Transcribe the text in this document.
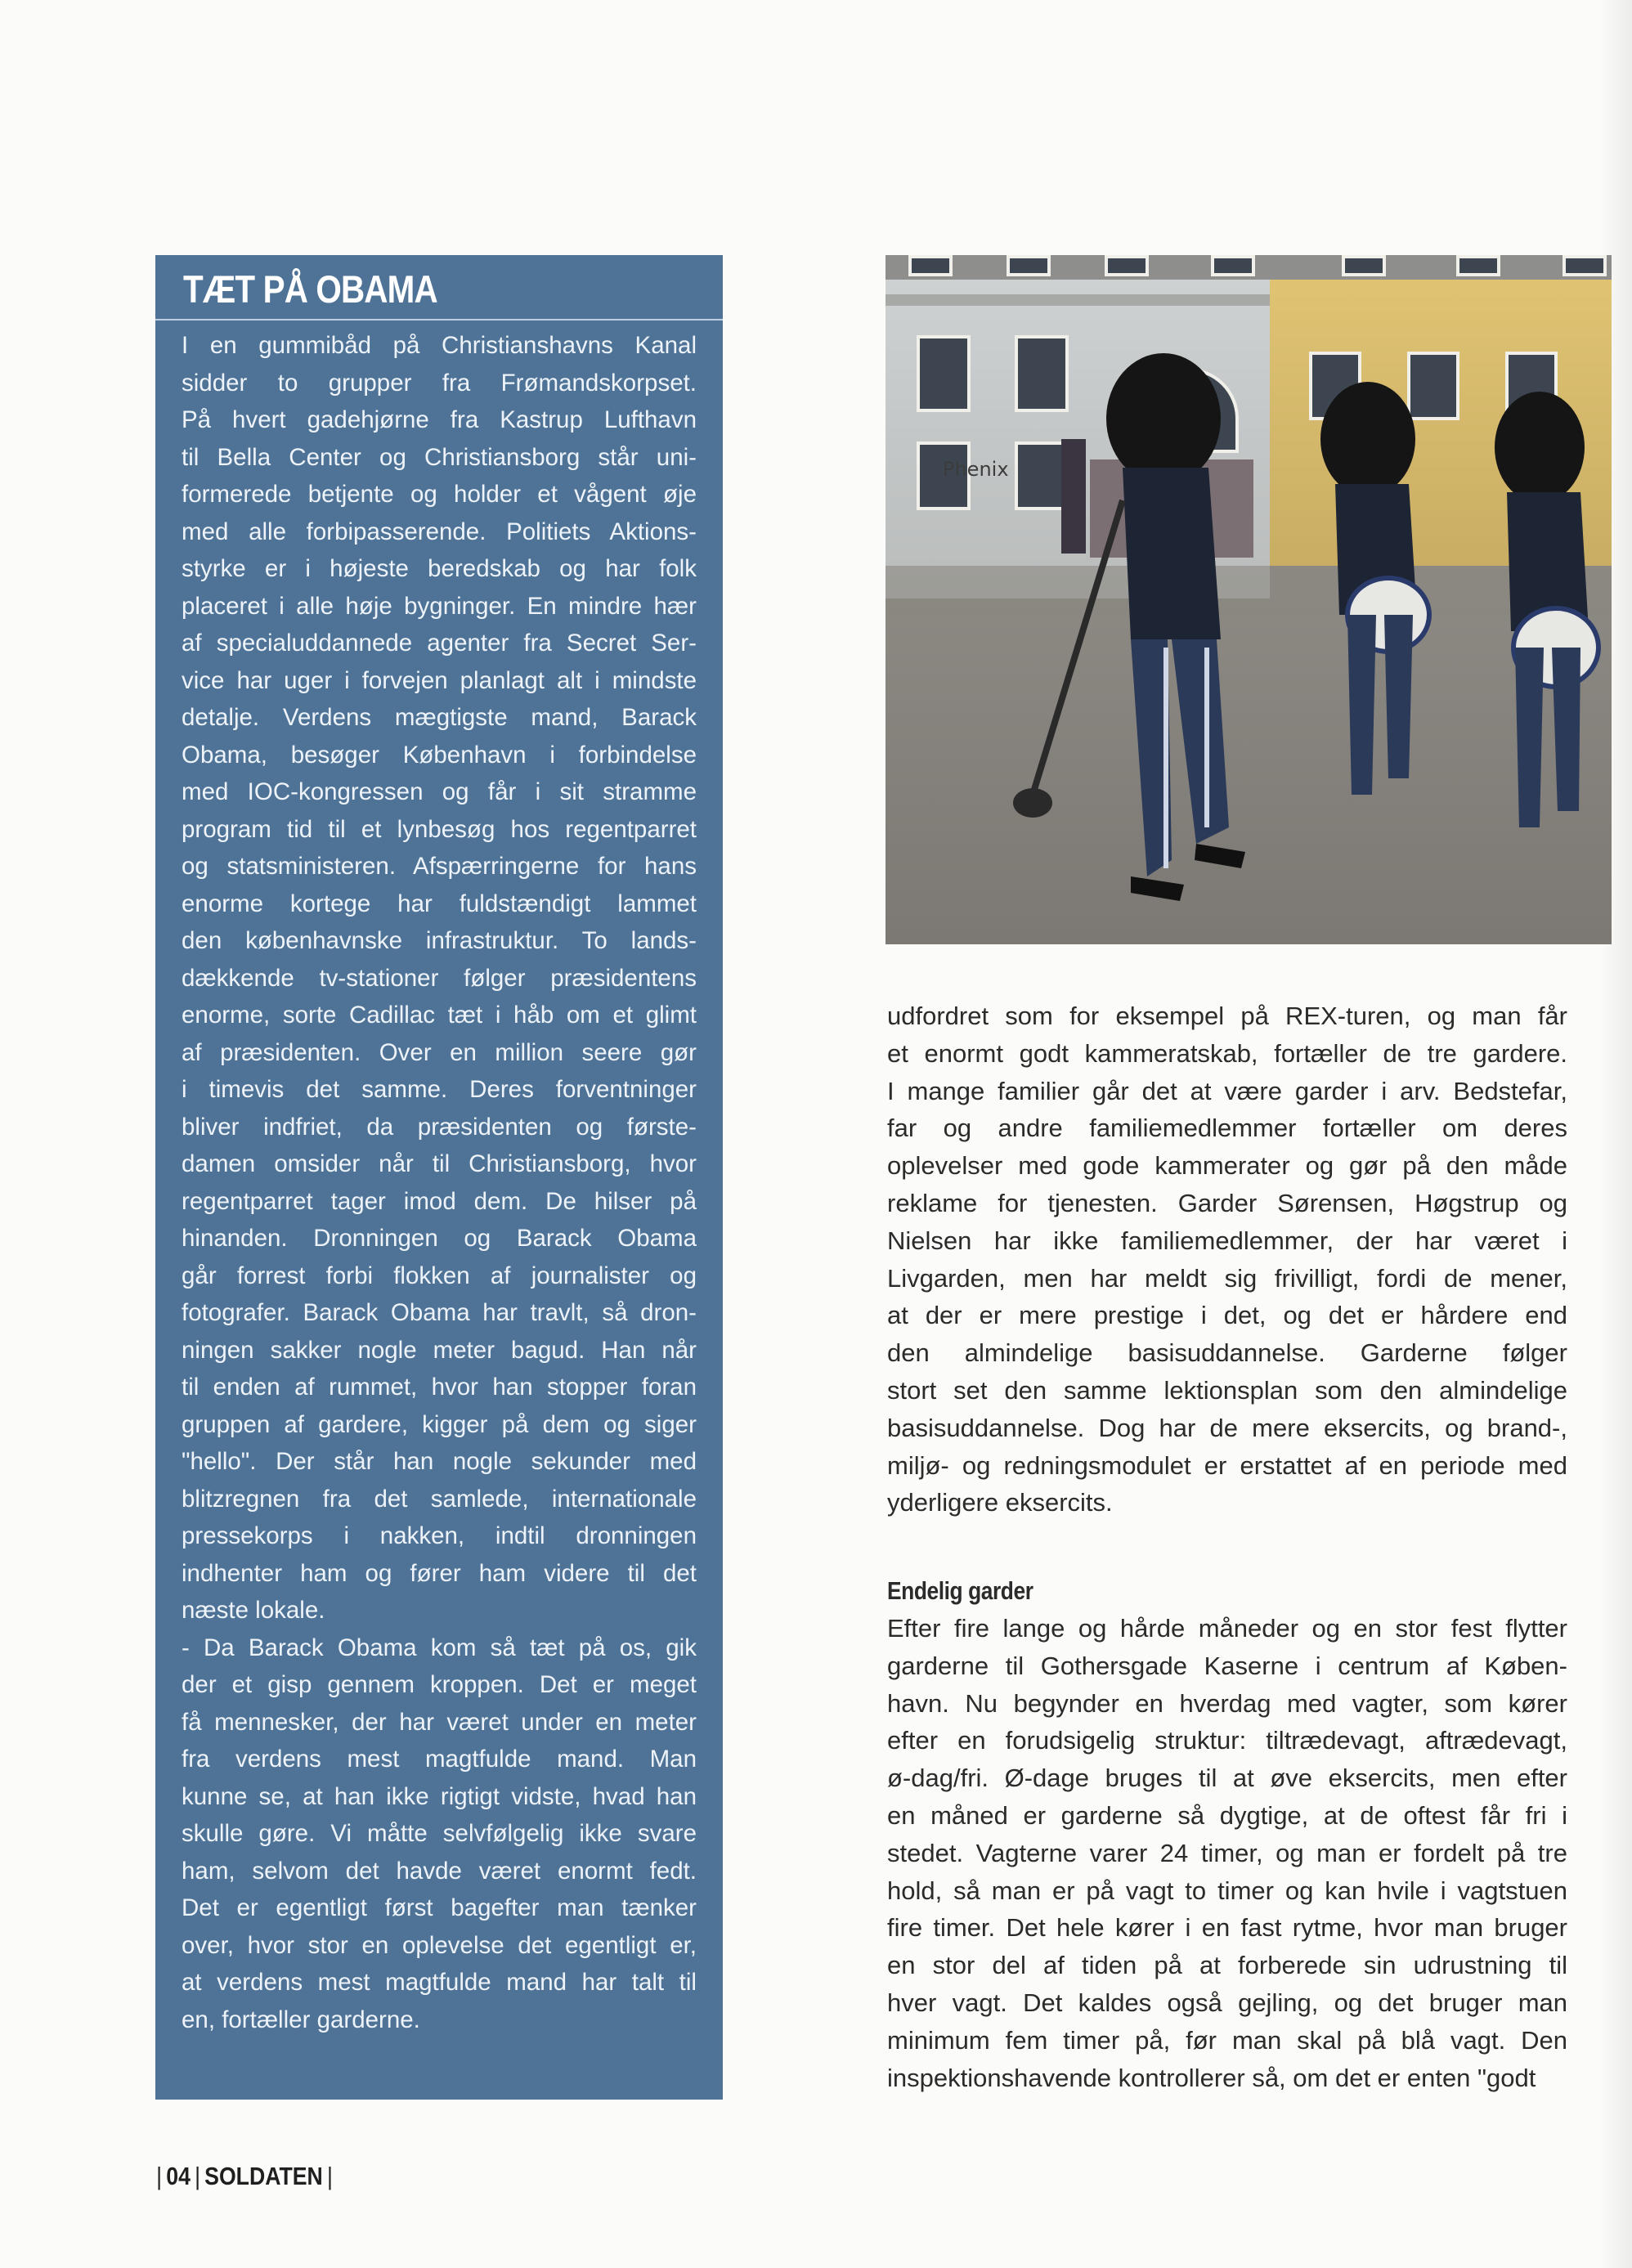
TÆT PÅ OBAMA
I en gummibåd på Christianshavns Kanal
sidder to grupper fra Frømandskorpset.
På hvert gadehjørne fra Kastrup Lufthavn
til Bella Center og Christiansborg står uni-
formerede betjente og holder et vågent øje
med alle forbipasserende. Politiets Aktions-
styrke er i højeste beredskab og har folk
placeret i alle høje bygninger. En mindre hær
af specialuddannede agenter fra Secret Ser-
vice har uger i forvejen planlagt alt i mindste
detalje. Verdens mægtigste mand, Barack
Obama, besøger København i forbindelse
med IOC-kongressen og får i sit stramme
program tid til et lynbesøg hos regentparret
og statsministeren. Afspærringerne for hans
enorme kortege har fuldstændigt lammet
den københavnske infrastruktur. To lands-
dækkende tv-stationer følger præsidentens
enorme, sorte Cadillac tæt i håb om et glimt
af præsidenten. Over en million seere gør
i timevis det samme. Deres forventninger
bliver indfriet, da præsidenten og første-
damen omsider når til Christiansborg, hvor
regentparret tager imod dem. De hilser på
hinanden. Dronningen og Barack Obama
går forrest forbi flokken af journalister og
fotografer. Barack Obama har travlt, så dron-
ningen sakker nogle meter bagud. Han når
til enden af rummet, hvor han stopper foran
gruppen af gardere, kigger på dem og siger
"hello". Der står han nogle sekunder med
blitzregnen fra det samlede, internationale
pressekorps i nakken, indtil dronningen
indhenter ham og fører ham videre til det
næste lokale.
- Da Barack Obama kom så tæt på os, gik
der et gisp gennem kroppen. Det er meget
få mennesker, der har været under en meter
fra verdens mest magtfulde mand. Man
kunne se, at han ikke rigtigt vidste, hvad han
skulle gøre. Vi måtte selvfølgelig ikke svare
ham, selvom det havde været enormt fedt.
Det er egentligt først bagefter man tænker
over, hvor stor en oplevelse det egentligt er,
at verdens mest magtfulde mand har talt til
en, fortæller garderne.
Phenix
udfordret som for eksempel på REX-turen, og man får
et enormt godt kammeratskab, fortæller de tre gardere.
I mange familier går det at være garder i arv. Bedstefar,
far og andre familiemedlemmer fortæller om deres
oplevelser med gode kammerater og gør på den måde
reklame for tjenesten. Garder Sørensen, Høgstrup og
Nielsen har ikke familiemedlemmer, der har været i
Livgarden, men har meldt sig frivilligt, fordi de mener,
at der er mere prestige i det, og det er hårdere end
den almindelige basisuddannelse. Garderne følger
stort set den samme lektionsplan som den almindelige
basisuddannelse. Dog har de mere eksercits, og brand-,
miljø- og redningsmodulet er erstattet af en periode med
yderligere eksercits.
Endelig garder
Efter fire lange og hårde måneder og en stor fest flytter
garderne til Gothersgade Kaserne i centrum af Køben-
havn. Nu begynder en hverdag med vagter, som kører
efter en forudsigelig struktur: tiltrædevagt, aftrædevagt,
ø-dag/fri. Ø-dage bruges til at øve eksercits, men efter
en måned er garderne så dygtige, at de oftest får fri i
stedet. Vagterne varer 24 timer, og man er fordelt på tre
hold, så man er på vagt to timer og kan hvile i vagtstuen
fire timer. Det hele kører i en fast rytme, hvor man bruger
en stor del af tiden på at forberede sin udrustning til
hver vagt. Det kaldes også gejling, og det bruger man
minimum fem timer på, før man skal på blå vagt. Den
inspektionshavende kontrollerer så, om det er enten "godt
| 04 | SOLDATEN |
